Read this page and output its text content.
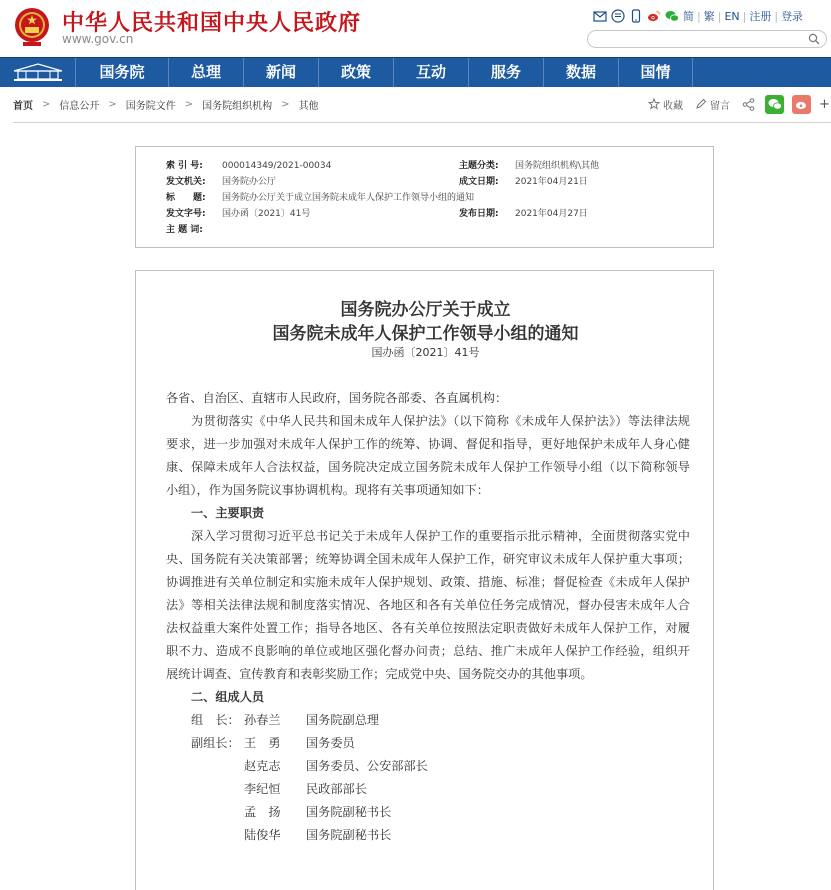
中华人民共和国中央人民政府
www.gov.cn
简 | 繁 | EN | 注册 | 登录
国务院	总理	新闻	政策	互动	服务	数据	国情
首页 > 信息公开 > 国务院文件 > 国务院组织机构 > 其他	收藏	留言	+
索 引 号: 000014349/2021-00034	主题分类: 国务院组织机构\其他
发文机关: 国务院办公厅	成文日期: 2021年04月21日
标　　题: 国务院办公厅关于成立国务院未成年人保护工作领导小组的通知
发文字号: 国办函〔2021〕41号	发布日期: 2021年04月27日
主 题 词:
国务院办公厅关于成立
国务院未成年人保护工作领导小组的通知
国办函〔2021〕41号

各省、自治区、直辖市人民政府，国务院各部委、各直属机构：

为贯彻落实《中华人民共和国未成年人保护法》（以下简称《未成年人保护法》）等法律法规要求，进一步加强对未成年人保护工作的统筹、协调、督促和指导，更好地保护未成年人身心健康、保障未成年人合法权益，国务院决定成立国务院未成年人保护工作领导小组（以下简称领导小组），作为国务院议事协调机构。现将有关事项通知如下：

一、主要职责

深入学习贯彻习近平总书记关于未成年人保护工作的重要指示批示精神，全面贯彻落实党中央、国务院有关决策部署；统筹协调全国未成年人保护工作，研究审议未成年人保护重大事项；协调推进有关单位制定和实施未成年人保护规划、政策、措施、标准；督促检查《未成年人保护法》等相关法律法规和制度落实情况、各地区和各有关单位任务完成情况，督办侵害未成年人合法权益重大案件处置工作；指导各地区、各有关单位按照法定职责做好未成年人保护工作，对履职不力、造成不良影响的单位或地区强化督办问责；总结、推广未成年人保护工作经验，组织开展统计调查、宣传教育和表彰奖励工作；完成党中央、国务院交办的其他事项。

二、组成人员

组　长： 孙春兰 国务院副总理
副组长： 王　勇 国务委员
赵克志 国务委员、公安部部长
李纪恒 民政部部长
孟　扬 国务院副秘书长
陆俊华 国务院副秘书长
